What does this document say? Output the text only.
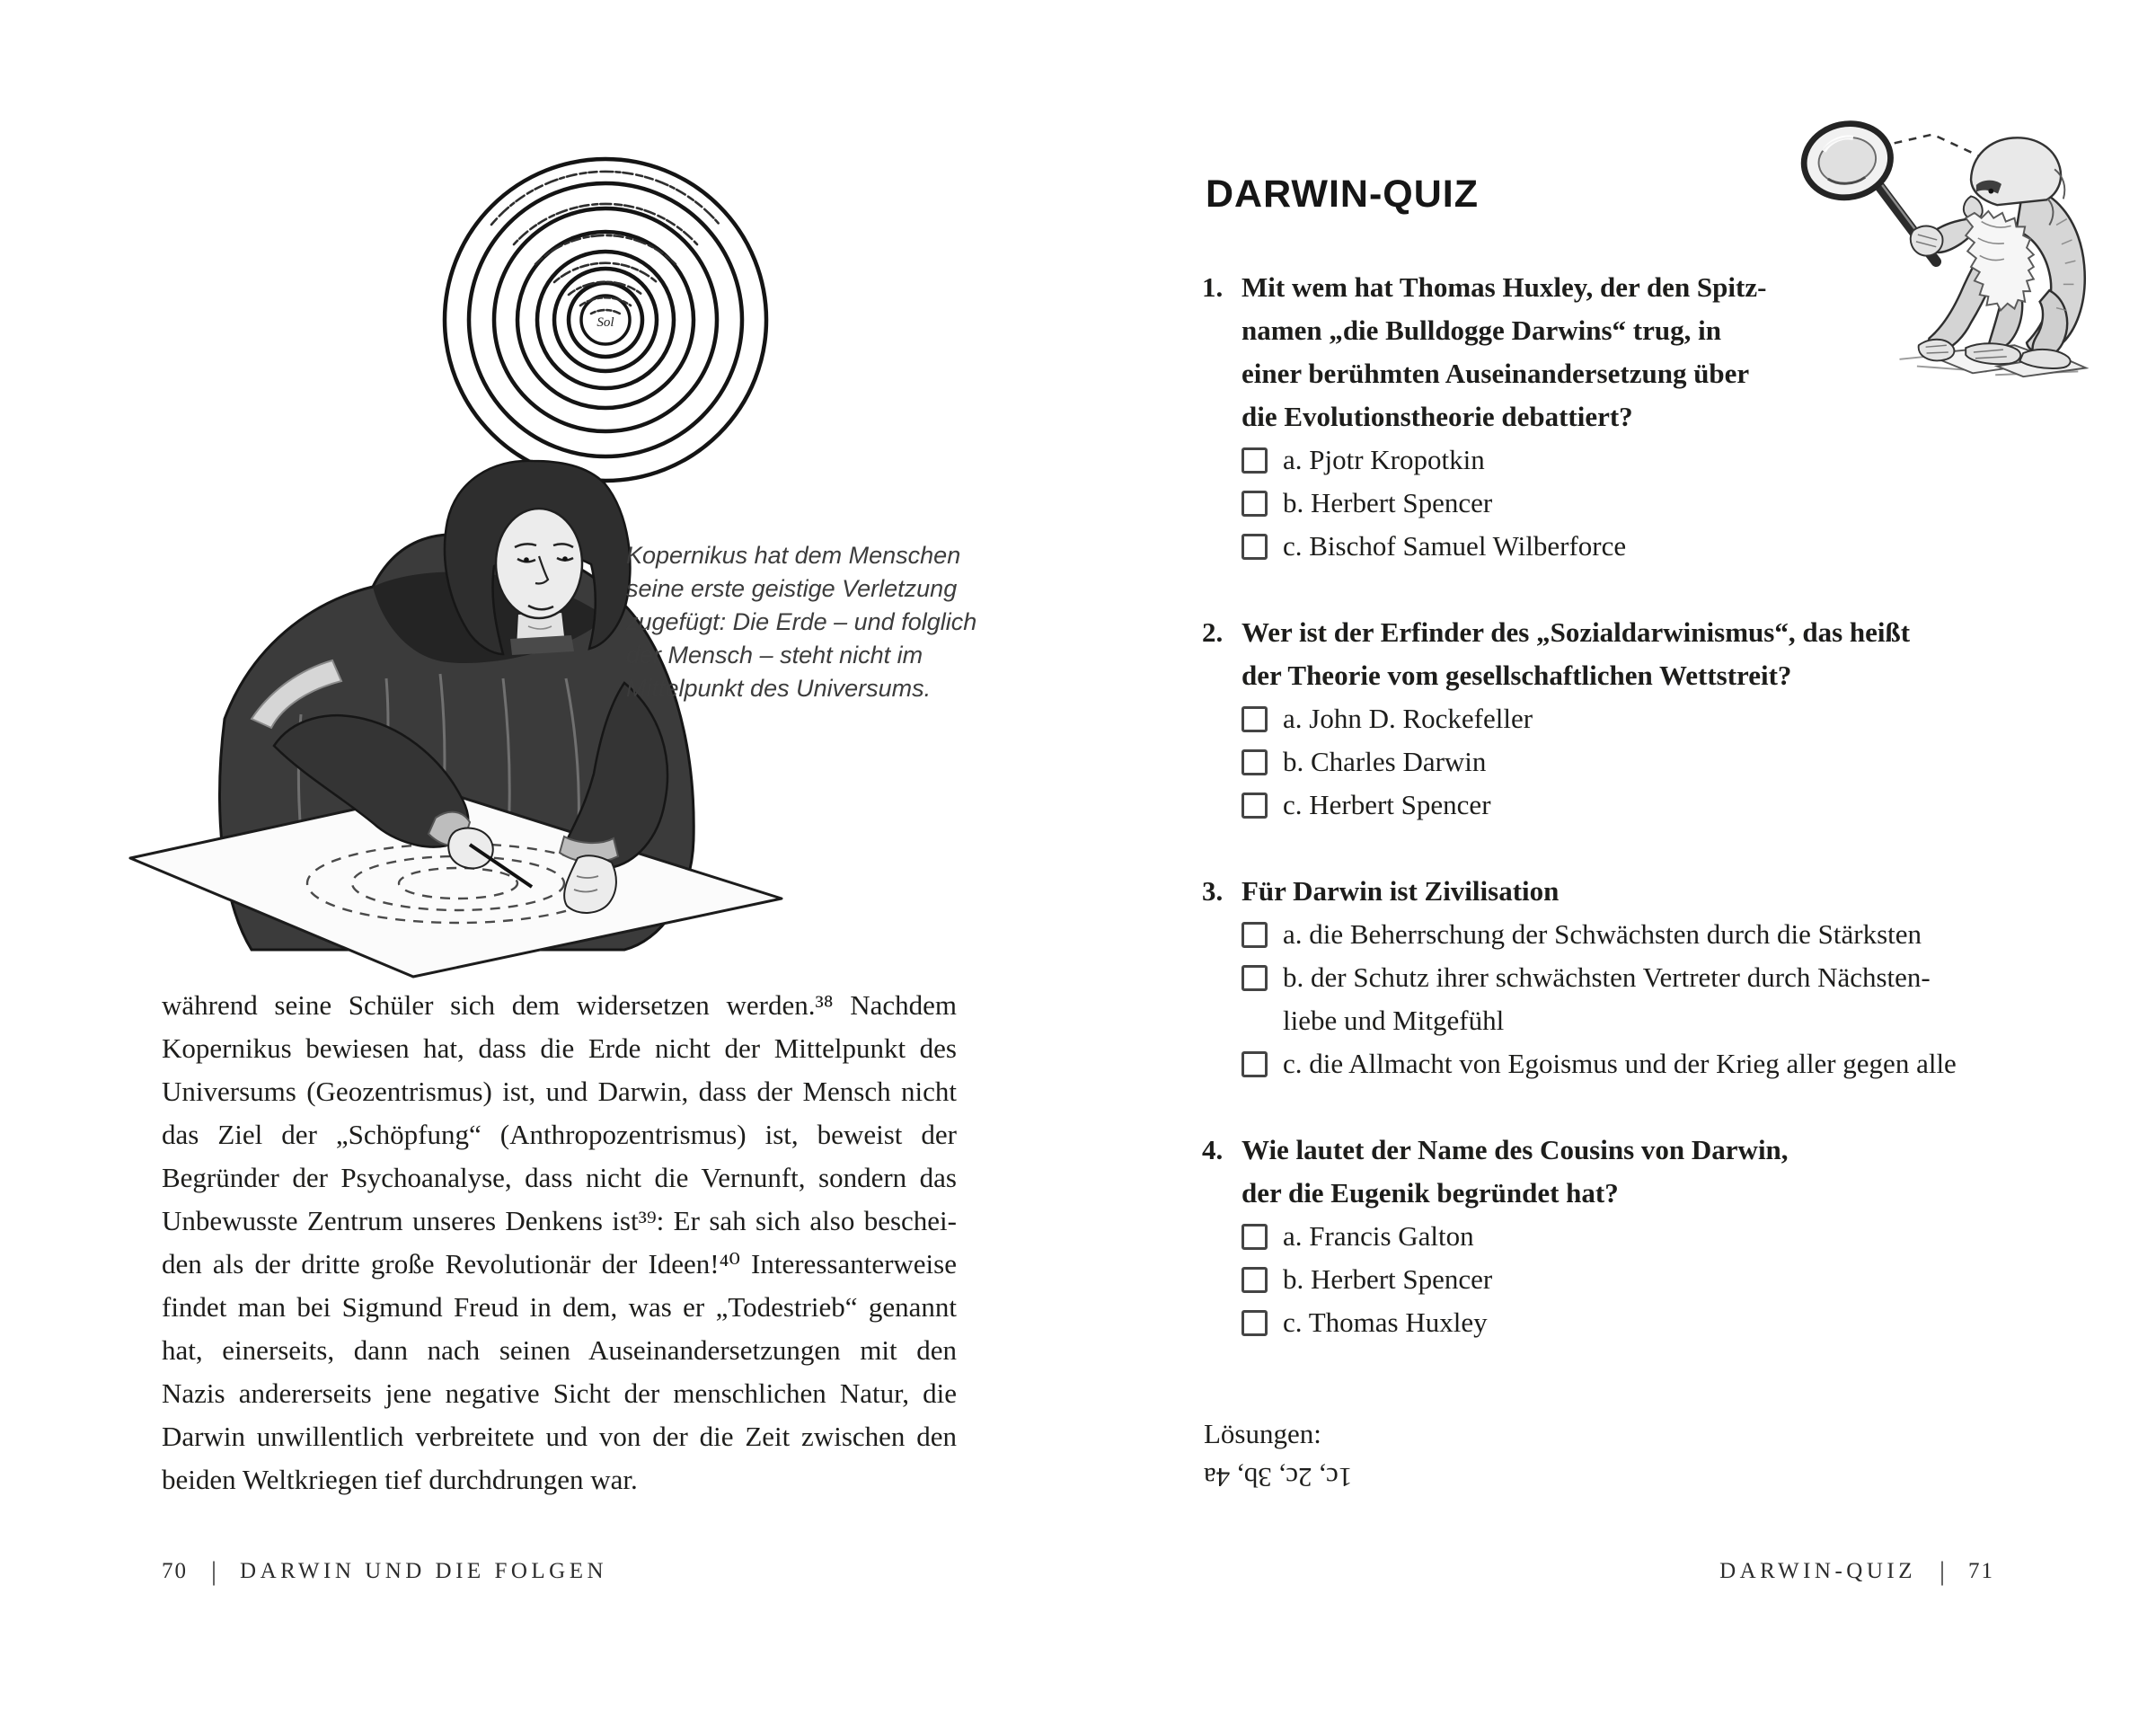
Sol
Kopernikus hat dem Menschen
seine erste geistige Verletzung
zugefügt: Die Erde – und folglich
der Mensch – steht nicht im
Mittelpunkt des Universums.
während seine Schüler sich dem widersetzen werden.³⁸ Nachdem
Kopernikus bewiesen hat, dass die Erde nicht der Mittelpunkt des
Universums (Geozentrismus) ist, und Darwin, dass der Mensch nicht
das Ziel der „Schöpfung“ (Anthropozentrismus) ist, beweist der
Begründer der Psychoanalyse, dass nicht die Vernunft, sondern das
Unbewusste Zentrum unseres Denkens ist³⁹: Er sah sich also beschei-
den als der dritte große Revolutionär der Ideen!⁴⁰ Interessanterweise
findet man bei Sigmund Freud in dem, was er „Todestrieb“ genannt
hat, einerseits, dann nach seinen Auseinandersetzungen mit den
Nazis andererseits jene negative Sicht der menschlichen Natur, die
Darwin unwillentlich verbreitete und von der die Zeit zwischen den
beiden Weltkriegen tief durchdrungen war.
70 | DARWIN UND DIE FOLGEN
DARWIN-QUIZ
1. Mit wem hat Thomas Huxley, der den Spitz-
namen „die Bulldogge Darwins“ trug, in
einer berühmten Auseinandersetzung über
die Evolutionstheorie debattiert?
a. Pjotr Kropotkin
b. Herbert Spencer
c. Bischof Samuel Wilberforce
2. Wer ist der Erfinder des „Sozialdarwinismus“, das heißt
der Theorie vom gesellschaftlichen Wettstreit?
a. John D. Rockefeller
b. Charles Darwin
c. Herbert Spencer
3. Für Darwin ist Zivilisation
a. die Beherrschung der Schwächsten durch die Stärksten
b. der Schutz ihrer schwächsten Vertreter durch Nächsten-
liebe und Mitgefühl
c. die Allmacht von Egoismus und der Krieg aller gegen alle
4. Wie lautet der Name des Cousins von Darwin,
der die Eugenik begründet hat?
a. Francis Galton
b. Herbert Spencer
c. Thomas Huxley
Lösungen:
1c, 2c, 3b, 4a
DARWIN-QUIZ | 71
